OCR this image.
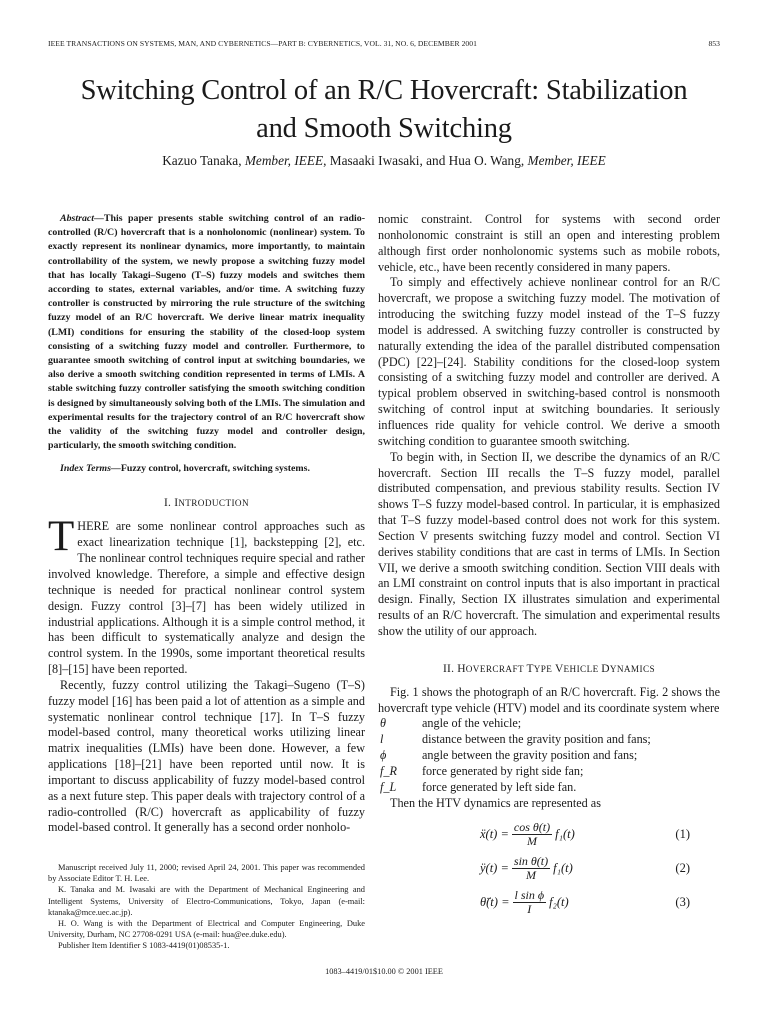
IEEE TRANSACTIONS ON SYSTEMS, MAN, AND CYBERNETICS—PART B: CYBERNETICS, VOL. 31, NO. 6, DECEMBER 2001	853
Switching Control of an R/C Hovercraft: Stabilization
and Smooth Switching
Kazuo Tanaka, Member, IEEE, Masaaki Iwasaki, and Hua O. Wang, Member, IEEE

Abstract—This paper presents stable switching control of an radio-controlled (R/C) hovercraft that is a nonholonomic (nonlinear) system. To exactly represent its nonlinear dynamics, more importantly, to maintain controllability of the system, we newly propose a switching fuzzy model that has locally Takagi–Sugeno (T–S) fuzzy models and switches them according to states, external variables, and/or time. A switching fuzzy controller is constructed by mirroring the rule structure of the switching fuzzy model of an R/C hovercraft. We derive linear matrix inequality (LMI) conditions for ensuring the stability of the closed-loop system consisting of a switching fuzzy model and controller. Furthermore, to guarantee smooth switching of control input at switching boundaries, we also derive a smooth switching condition represented in terms of LMIs. A stable switching fuzzy controller satisfying the smooth switching condition is designed by simultaneously solving both of the LMIs. The simulation and experimental results for the trajectory control of an R/C hovercraft show the validity of the switching fuzzy model and controller design, particularly, the smooth switching condition.

Index Terms—Fuzzy control, hovercraft, switching systems.

I. INTRODUCTION

THERE are some nonlinear control approaches such as exact linearization technique [1], backstepping [2], etc. The nonlinear control techniques require special and rather involved knowledge. Therefore, a simple and effective design technique is needed for practical nonlinear control system design. Fuzzy control [3]–[7] has been widely utilized in industrial applications. Although it is a simple control method, it has been difficult to systematically analyze and design the control system. In the 1990s, some important theoretical results [8]–[15] have been reported.

Recently, fuzzy control utilizing the Takagi–Sugeno (T–S) fuzzy model [16] has been paid a lot of attention as a simple and systematic nonlinear control technique [17]. In T–S fuzzy model-based control, many theoretical works utilizing linear matrix inequalities (LMIs) have been done. However, a few applications [18]–[21] have been reported until now. It is important to discuss applicability of fuzzy model-based control as a next future step. This paper deals with trajectory control of a radio-controlled (R/C) hovercraft as applicability of fuzzy model-based control. It generally has a second order nonholo-

Manuscript received July 11, 2000; revised April 24, 2001. This paper was recommended by Associate Editor T. H. Lee.

K. Tanaka and M. Iwasaki are with the Department of Mechanical Engineering and Intelligent Systems, University of Electro-Communications, Tokyo, Japan (e-mail: ktanaka@mce.uec.ac.jp).

H. O. Wang is with the Department of Electrical and Computer Engineering, Duke University, Durham, NC 27708-0291 USA (e-mail: hua@ee.duke.edu).

Publisher Item Identifier S 1083-4419(01)08535-1.

nomic constraint. Control for systems with second order nonholonomic constraint is still an open and interesting problem although first order nonholonomic systems such as mobile robots, vehicle, etc., have been recently considered in many papers.

To simply and effectively achieve nonlinear control for an R/C hovercraft, we propose a switching fuzzy model. The motivation of introducing the switching fuzzy model instead of the T–S fuzzy model is addressed. A switching fuzzy controller is constructed by naturally extending the idea of the parallel distributed compensation (PDC) [22]–[24]. Stability conditions for the closed-loop system consisting of a switching fuzzy model and controller are derived. A typical problem observed in switching-based control is nonsmooth switching of control input at switching boundaries. It seriously influences ride quality for vehicle control. We derive a smooth switching condition to guarantee smooth switching.

To begin with, in Section II, we describe the dynamics of an R/C hovercraft. Section III recalls the T–S fuzzy model, parallel distributed compensation, and previous stability results. Section IV shows T–S fuzzy model-based control. In particular, it is emphasized that T–S fuzzy model-based control does not work for this system. Section V presents switching fuzzy model and control. Section VI derives stability conditions that are cast in terms of LMIs. In Section VII, we derive a smooth switching condition. Section VIII deals with an LMI constraint on control inputs that is also important in practical design. Finally, Section IX illustrates simulation and experimental results of an R/C hovercraft. The simulation and experimental results show the utility of our approach.

II. HOVERCRAFT TYPE VEHICLE DYNAMICS

Fig. 1 shows the photograph of an R/C hovercraft. Fig. 2 shows the hovercraft type vehicle (HTV) model and its coordinate system where

θ	angle of the vehicle;
l	distance between the gravity position and fans;
ϕ	angle between the gravity position and fans;
f_R	force generated by right side fan;
f_L	force generated by left side fan.

Then the HTV dynamics are represented as

ẍ(t) = $\frac{\text{cos θ(t)}}{M} f_1(t)$	(1)
ÿ(t) = $\frac{\text{sin θ(t)}}{M} f_1(t)$	(2)
θ̈(t) = $\frac{\text{l sin ϕ}}{I} f_2(t)$	(3)
1083–4419/01$10.00 © 2001 IEEE
